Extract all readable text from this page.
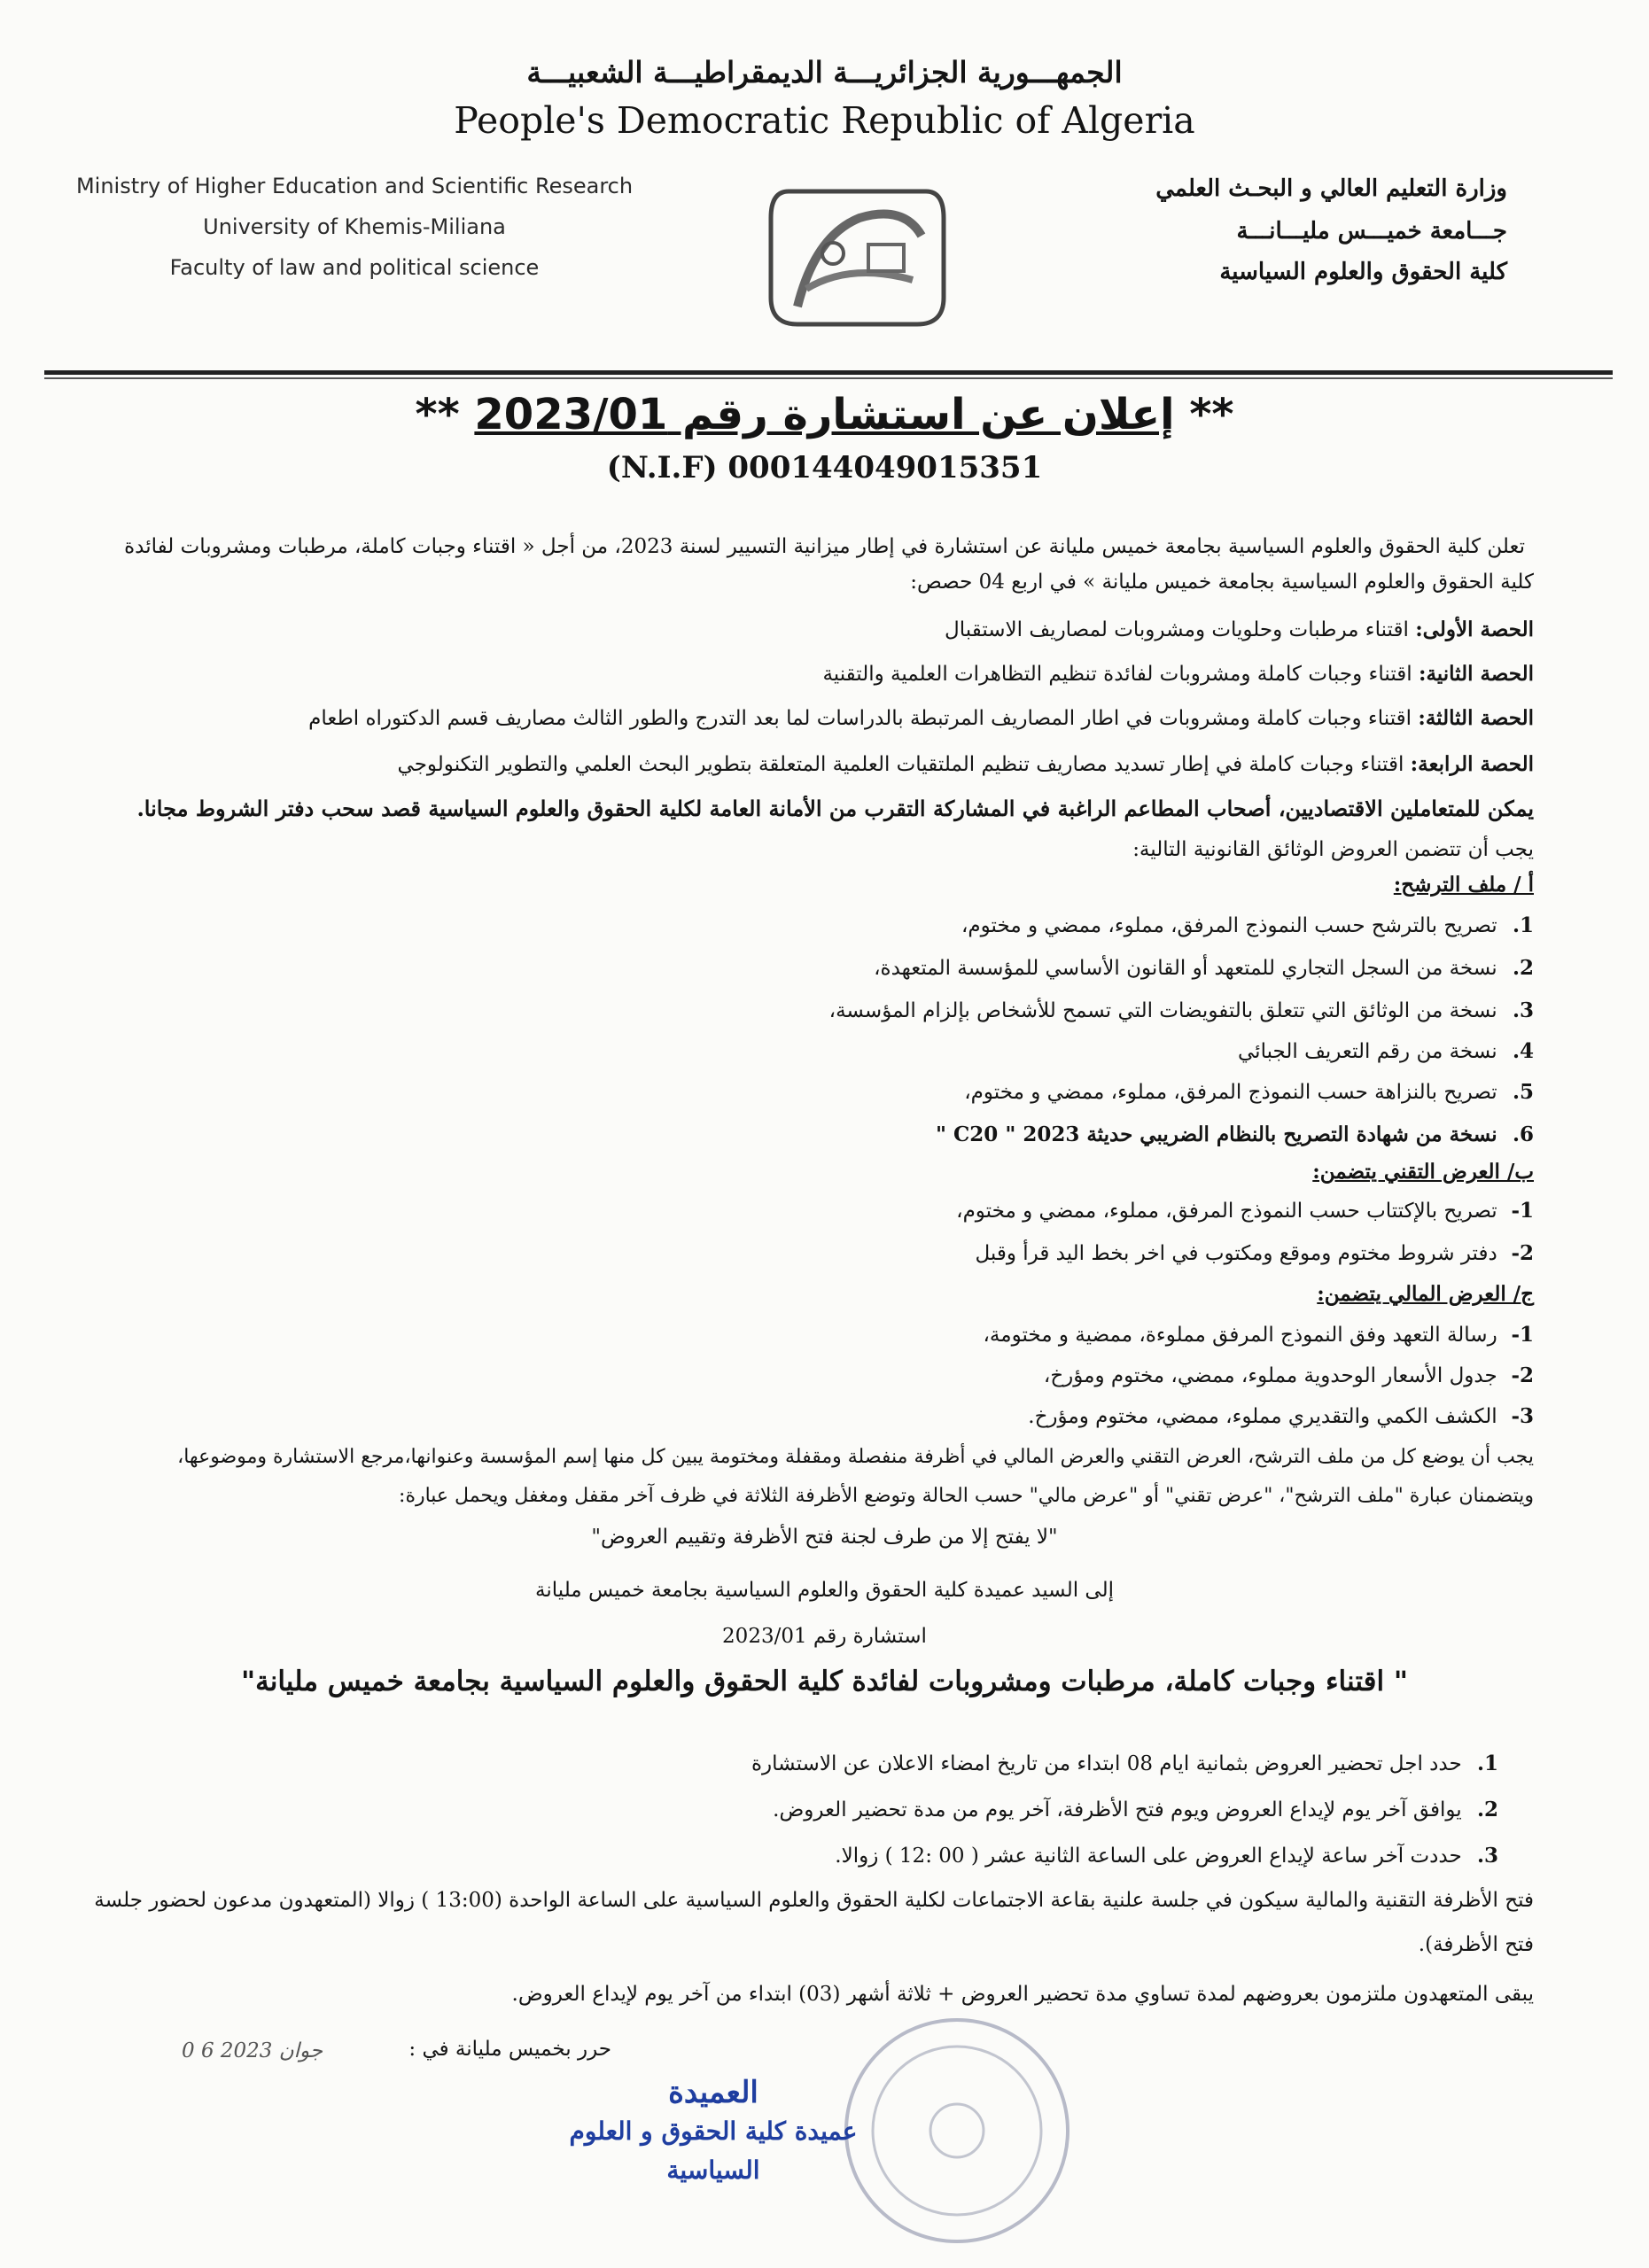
الجمهـــورية الجزائريـــة الديمقراطيـــة الشعبيـــة
People's Democratic Republic of Algeria
Ministry of Higher Education and Scientific Research
University of Khemis-Miliana
Faculty of law and political science
وزارة التعليم العالي و البحـث العلمي
جـــامعة خميـــس مليـــانـــة
كلية الحقوق والعلوم السياسية
** إعلان عن استشارة رقم 2023/01 **
(N.I.F) 000144049015351
تعلن كلية الحقوق والعلوم السياسية بجامعة خميس مليانة عن استشارة في إطار ميزانية التسيير لسنة 2023، من أجل « اقتناء وجبات كاملة، مرطبات ومشروبات لفائدة
كلية الحقوق والعلوم السياسية بجامعة خميس مليانة » في اربع 04 حصص:
الحصة الأولى: اقتناء مرطبات وحلويات ومشروبات لمصاريف الاستقبال
الحصة الثانية: اقتناء وجبات كاملة ومشروبات لفائدة تنظيم التظاهرات العلمية والتقنية
الحصة الثالثة: اقتناء وجبات كاملة ومشروبات في اطار المصاريف المرتبطة بالدراسات لما بعد التدرج والطور الثالث مصاريف قسم الدكتوراه اطعام
الحصة الرابعة: اقتناء وجبات كاملة في إطار تسديد مصاريف تنظيم الملتقيات العلمية المتعلقة بتطوير البحث العلمي والتطوير التكنولوجي
يمكن للمتعاملين الاقتصاديين، أصحاب المطاعم الراغبة في المشاركة التقرب من الأمانة العامة لكلية الحقوق والعلوم السياسية قصد سحب دفتر الشروط مجانا.
يجب أن تتضمن العروض الوثائق القانونية التالية:
أ / ملف الترشح:
1. تصريح بالترشح حسب النموذج المرفق، مملوء، ممضي و مختوم،
2. نسخة من السجل التجاري للمتعهد أو القانون الأساسي للمؤسسة المتعهدة،
3. نسخة من الوثائق التي تتعلق بالتفويضات التي تسمح للأشخاص بإلزام المؤسسة،
4. نسخة من رقم التعريف الجبائي
5. تصريح بالنزاهة حسب النموذج المرفق، مملوء، ممضي و مختوم،
6. نسخة من شهادة التصريح بالنظام الضريبي حديثة 2023 " C20 "
ب/ العرض التقني يتضمن:
1- تصريح بالإكتتاب حسب النموذج المرفق، مملوء، ممضي و مختوم،
2- دفتر شروط مختوم وموقع ومكتوب في اخر بخط اليد قرأ وقبل
ج/ العرض المالي يتضمن:
1- رسالة التعهد وفق النموذج المرفق مملوءة، ممضية و مختومة،
2- جدول الأسعار الوحدوية مملوء، ممضي، مختوم ومؤرخ،
3- الكشف الكمي والتقديري مملوء، ممضي، مختوم ومؤرخ.
يجب أن يوضع كل من ملف الترشح، العرض التقني والعرض المالي في أظرفة منفصلة ومقفلة ومختومة يبين كل منها إسم المؤسسة وعنوانها،مرجع الاستشارة وموضوعها،
ويتضمنان عبارة "ملف الترشح"، "عرض تقني" أو "عرض مالي" حسب الحالة وتوضع الأظرفة الثلاثة في ظرف آخر مقفل ومغفل ويحمل عبارة:
"لا يفتح إلا من طرف لجنة فتح الأظرفة وتقييم العروض"
إلى السيد عميدة كلية الحقوق والعلوم السياسية بجامعة خميس مليانة
استشارة رقم 2023/01
" اقتناء وجبات كاملة، مرطبات ومشروبات لفائدة كلية الحقوق والعلوم السياسية بجامعة خميس مليانة"
1. حدد اجل تحضير العروض بثمانية ايام 08 ابتداء من تاريخ امضاء الاعلان عن الاستشارة
2. يوافق آخر يوم لإيداع العروض ويوم فتح الأظرفة، آخر يوم من مدة تحضير العروض.
3. حددت آخر ساعة لإيداع العروض على الساعة الثانية عشر ( 00 :12 ) زوالا.
فتح الأظرفة التقنية والمالية سيكون في جلسة علنية بقاعة الاجتماعات لكلية الحقوق والعلوم السياسية على الساعة الواحدة (13:00 ) زوالا (المتعهدون مدعون لحضور جلسة
فتح الأظرفة).
يبقى المتعهدون ملتزمون بعروضهم لمدة تساوي مدة تحضير العروض + ثلاثة أشهر (03) ابتداء من آخر يوم لإيداع العروض.
حرر بخميس مليانة في :
0 6 جوان 2023
العميدة
عميدة كلية الحقوق و العلوم السياسية
